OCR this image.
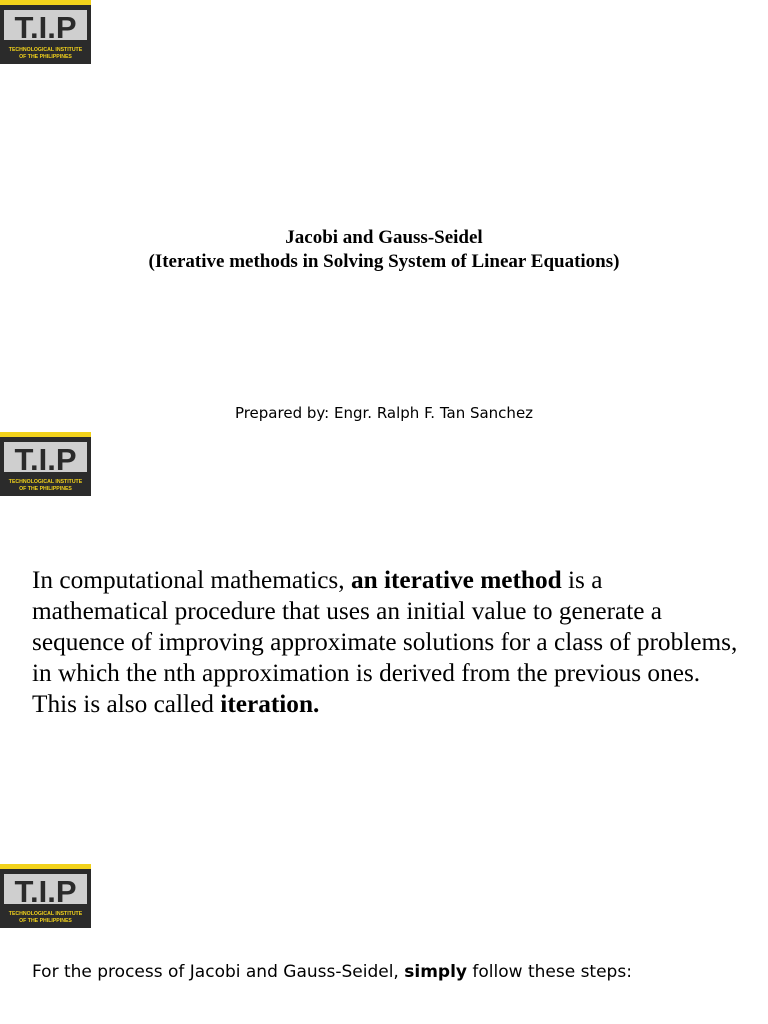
T.I.P
TECHNOLOGICAL INSTITUTE
OF THE PHILIPPINES
Jacobi and Gauss-Seidel
(Iterative methods in Solving System of Linear Equations)
Prepared by: Engr. Ralph F. Tan Sanchez
T.I.P
TECHNOLOGICAL INSTITUTE
OF THE PHILIPPINES

In computational mathematics, an iterative method is a mathematical procedure that uses an initial value to generate a sequence of improving approximate solutions for a class of problems, in which the nth approximation is derived from the previous ones. This is also called iteration.

T.I.P
TECHNOLOGICAL INSTITUTE
OF THE PHILIPPINES
For the process of Jacobi and Gauss-Seidel, simply follow these steps:
